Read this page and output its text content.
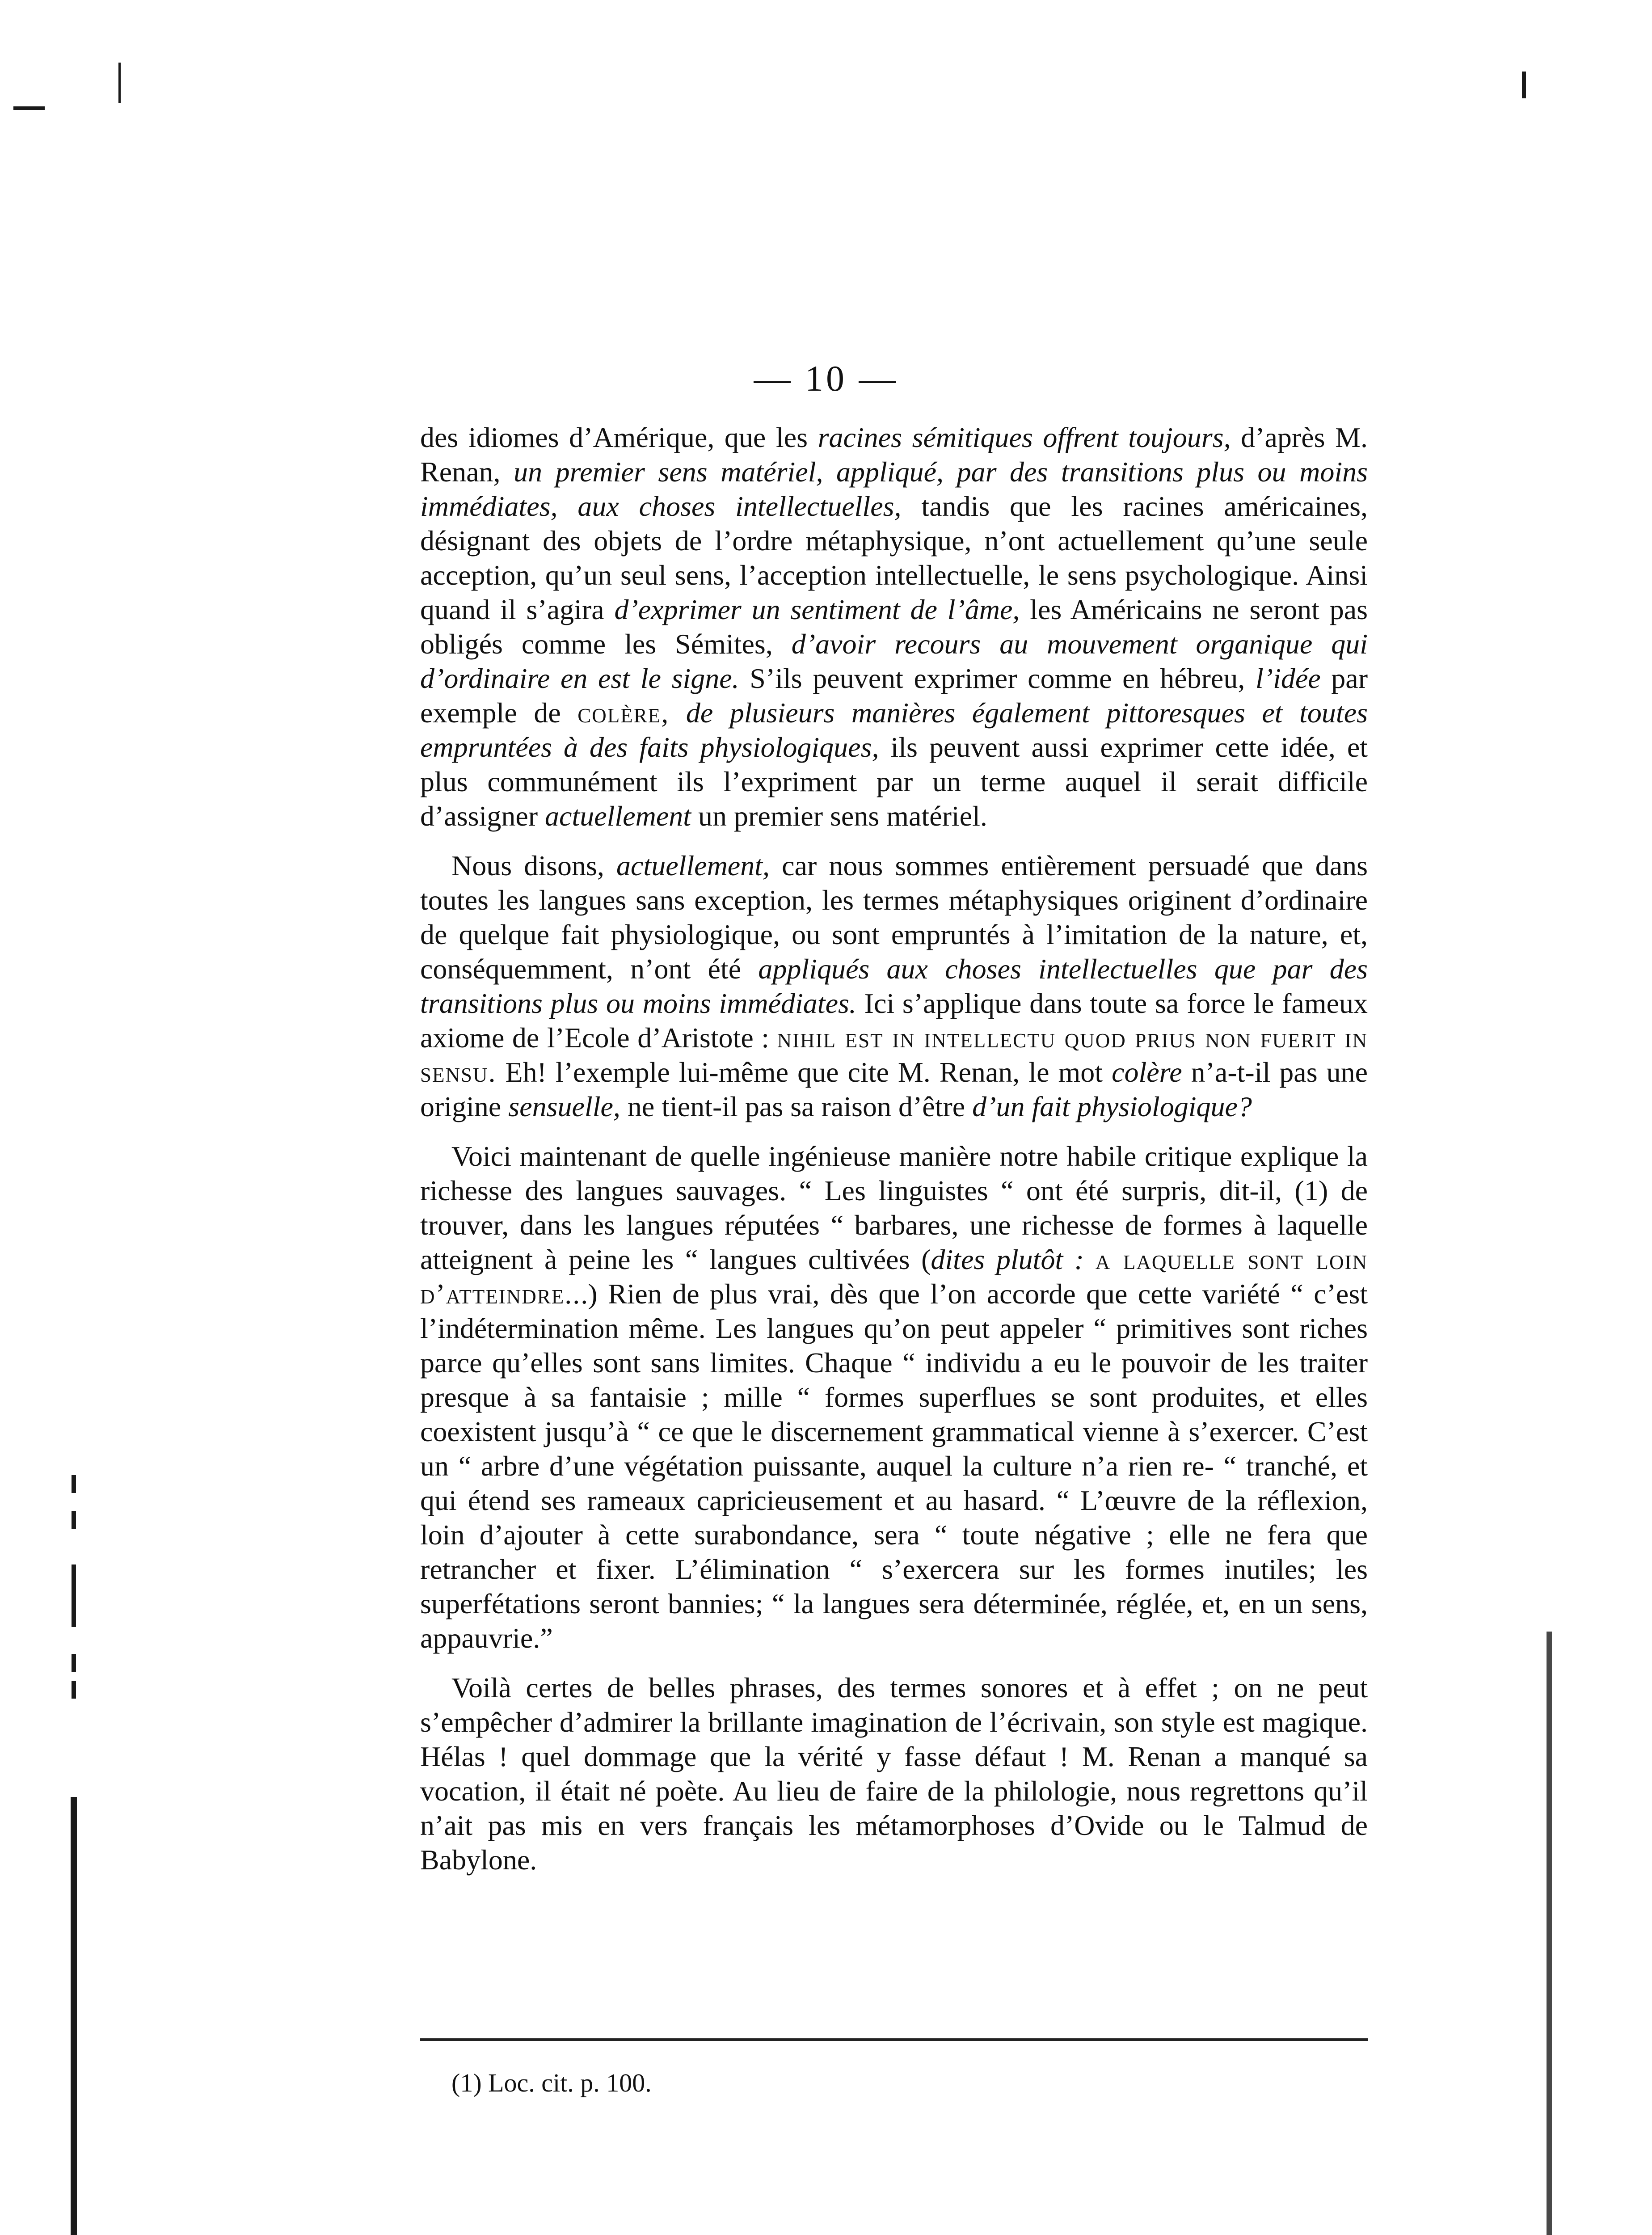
— 10 —

des idiomes d’Amérique, que les racines sémitiques offrent toujours, d’après M. Renan, un premier sens matériel, appliqué, par des transitions plus ou moins immédiates, aux choses intellectuelles, tandis que les racines américaines, désignant des objets de l’ordre métaphysique, n’ont actuellement qu’une seule acception, qu’un seul sens, l’acception intellectuelle, le sens psychologique. Ainsi quand il s’agira d’exprimer un sentiment de l’âme, les Américains ne seront pas obligés comme les Sémites, d’avoir recours au mouvement organique qui d’ordinaire en est le signe. S’ils peuvent exprimer comme en hébreu, l’idée par exemple de colère, de plusieurs manières également pittoresques et toutes empruntées à des faits physiologiques, ils peuvent aussi exprimer cette idée, et plus communément ils l’expriment par un terme auquel il serait difficile d’assigner actuellement un premier sens matériel.

Nous disons, actuellement, car nous sommes entièrement persuadé que dans toutes les langues sans exception, les termes métaphysiques originent d’ordinaire de quelque fait physiologique, ou sont empruntés à l’imitation de la nature, et, conséquemment, n’ont été appliqués aux choses intellectuelles que par des transitions plus ou moins immédiates. Ici s’applique dans toute sa force le fameux axiome de l’Ecole d’Aristote : nihil est in intellectu quod prius non fuerit in sensu. Eh! l’exemple lui-même que cite M. Renan, le mot colère n’a-t-il pas une origine sensuelle, ne tient-il pas sa raison d’être d’un fait physiologique?

Voici maintenant de quelle ingénieuse manière notre habile critique explique la richesse des langues sauvages. “ Les linguistes “ ont été surpris, dit-il, (1) de trouver, dans les langues réputées “ barbares, une richesse de formes à laquelle atteignent à peine les “ langues cultivées (dites plutôt : a laquelle sont loin d’atteindre...) Rien de plus vrai, dès que l’on accorde que cette variété “ c’est l’indétermination même. Les langues qu’on peut appeler “ primitives sont riches parce qu’elles sont sans limites. Chaque “ individu a eu le pouvoir de les traiter presque à sa fantaisie ; mille “ formes superflues se sont produites, et elles coexistent jusqu’à “ ce que le discernement grammatical vienne à s’exercer. C’est un “ arbre d’une végétation puissante, auquel la culture n’a rien re- “ tranché, et qui étend ses rameaux capricieusement et au hasard. “ L’œuvre de la réflexion, loin d’ajouter à cette surabondance, sera “ toute négative ; elle ne fera que retrancher et fixer. L’élimination “ s’exercera sur les formes inutiles; les superfétations seront bannies; “ la langues sera déterminée, réglée, et, en un sens, appauvrie.”

Voilà certes de belles phrases, des termes sonores et à effet ; on ne peut s’empêcher d’admirer la brillante imagination de l’écrivain, son style est magique. Hélas ! quel dommage que la vérité y fasse défaut ! M. Renan a manqué sa vocation, il était né poète. Au lieu de faire de la philologie, nous regrettons qu’il n’ait pas mis en vers français les métamorphoses d’Ovide ou le Talmud de Babylone.

(1) Loc. cit. p. 100.
